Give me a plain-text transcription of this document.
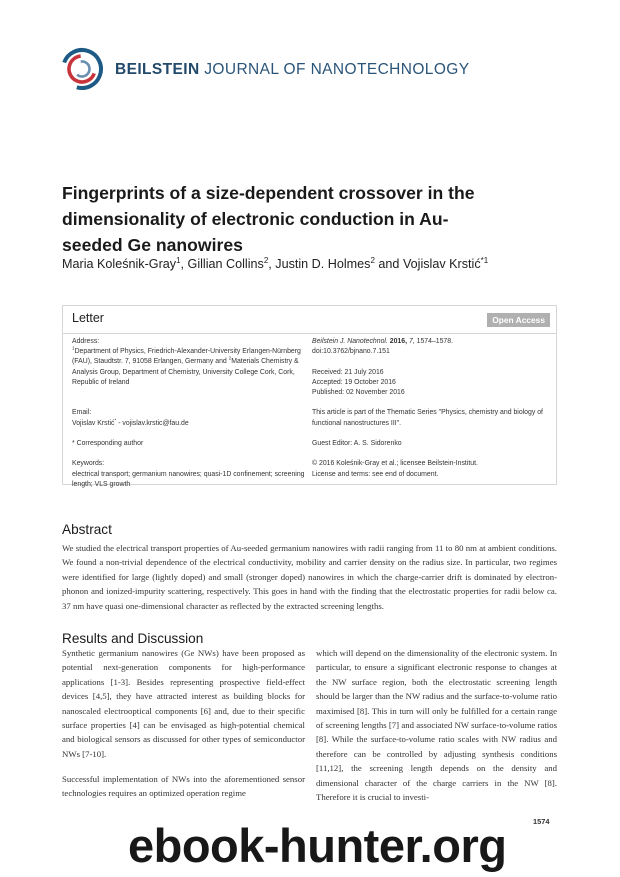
BEILSTEIN JOURNAL OF NANOTECHNOLOGY
Fingerprints of a size-dependent crossover in the dimensionality of electronic conduction in Au-seeded Ge nanowires
Maria Koleśnik-Gray$^1$, Gillian Collins$^2$, Justin D. Holmes$^2$ and Vojislav Krstić$^{*1}$
Letter	Open Access
Address:
$^1$Department of Physics, Friedrich-Alexander-University Erlangen-Nürnberg (FAU), Staudtstr. 7, 91058 Erlangen, Germany and $^2$Materials Chemistry & Analysis Group, Department of Chemistry, University College Cork, Cork, Republic of Ireland
Email:
Vojislav Krstić* - vojislav.krstic@fau.de
* Corresponding author
Keywords:
electrical transport; germanium nanowires; quasi-1D confinement; screening length; VLS growth
Beilstein J. Nanotechnol. 2016, 7, 1574–1578.
doi:10.3762/bjnano.7.151
Received: 21 July 2016
Accepted: 19 October 2016
Published: 02 November 2016
This article is part of the Thematic Series "Physics, chemistry and biology of functional nanostructures III".
Guest Editor: A. S. Sidorenko
© 2016 Koleśnik-Gray et al.; licensee Beilstein-Institut.
License and terms: see end of document.
Abstract
We studied the electrical transport properties of Au-seeded germanium nanowires with radii ranging from 11 to 80 nm at ambient conditions. We found a non-trivial dependence of the electrical conductivity, mobility and carrier density on the radius size. In particular, two regimes were identified for large (lightly doped) and small (stronger doped) nanowires in which the charge-carrier drift is dominated by electron-phonon and ionized-impurity scattering, respectively. This goes in hand with the finding that the electrostatic properties for radii below ca. 37 nm have quasi one-dimensional character as reflected by the extracted screening lengths.
Results and Discussion
Synthetic germanium nanowires (Ge NWs) have been proposed as potential next-generation components for high-performance applications [1-3]. Besides representing prospective field-effect devices [4,5], they have attracted interest as building blocks for nanoscaled electrooptical components [6] and, due to their specific surface properties [4] can be envisaged as high-potential chemical and biological sensors as discussed for other types of semiconductor NWs [7-10].
Successful implementation of NWs into the aforementioned sensor technologies requires an optimized operation regime
which will depend on the dimensionality of the electronic system. In particular, to ensure a significant electronic response to changes at the NW surface region, both the electrostatic screening length should be larger than the NW radius and the surface-to-volume ratio maximised [8]. This in turn will only be fulfilled for a certain range of screening lengths [7] and associated NW surface-to-volume ratios [8]. While the surface-to-volume ratio scales with NW radius and therefore can be controlled by adjusting synthesis conditions [11,12], the screening length depends on the density and dimensional character of the charge carriers in the NW [8]. Therefore it is crucial to investi-
1574
ebook-hunter.org
